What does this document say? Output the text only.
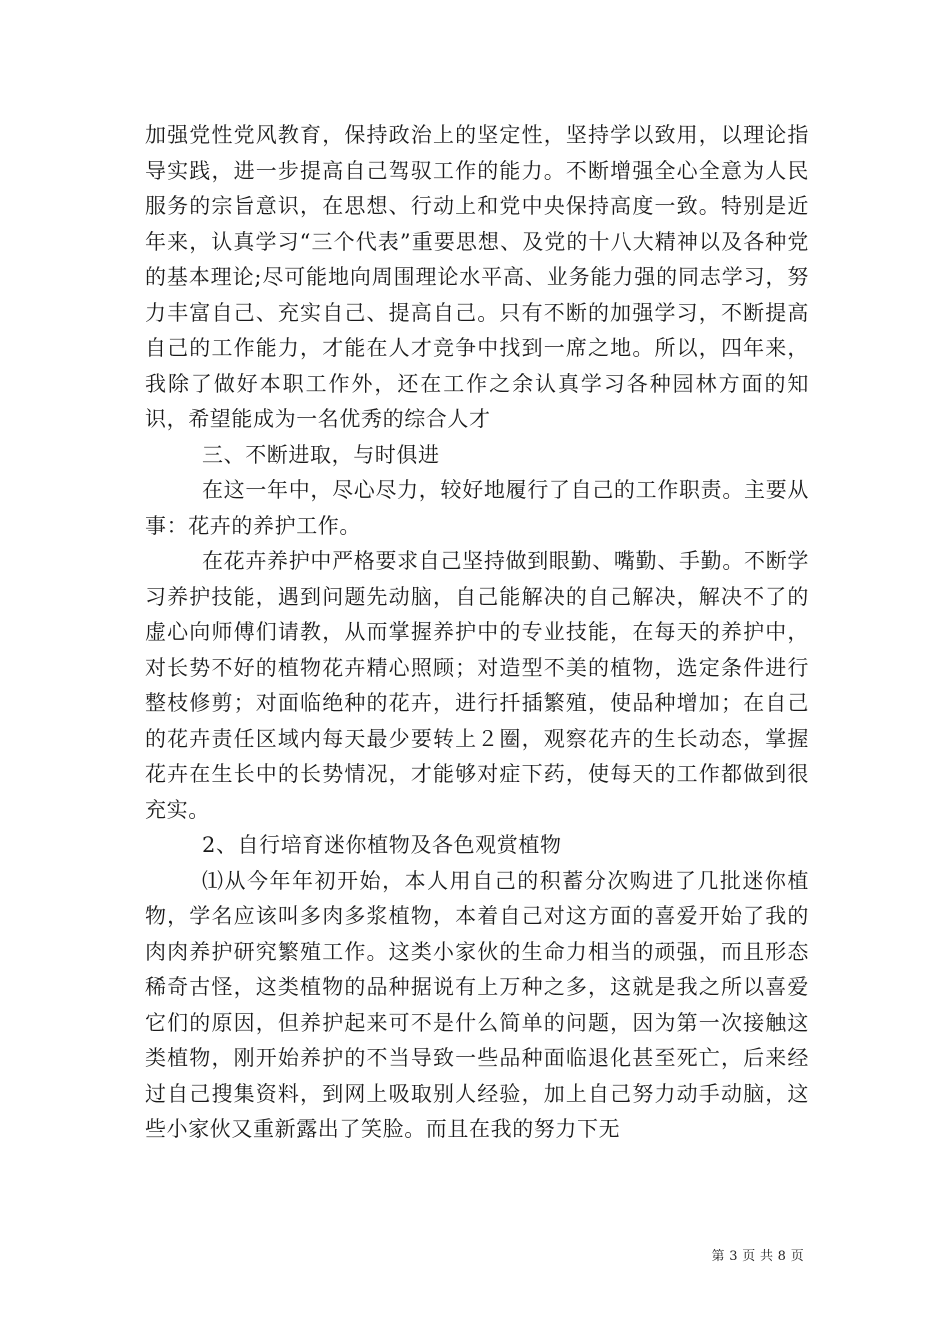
加强党性党风教育，保持政治上的坚定性，坚持学以致用，以理论指导实践，进一步提高自己驾驭工作的能力。不断增强全心全意为人民服务的宗旨意识，在思想、行动上和党中央保持高度一致。特别是近年来，认真学习“三个代表”重要思想、及党的十八大精神以及各种党的基本理论;尽可能地向周围理论水平高、业务能力强的同志学习，努力丰富自己、充实自己、提高自己。只有不断的加强学习，不断提高自己的工作能力，才能在人才竞争中找到一席之地。所以，四年来，我除了做好本职工作外，还在工作之余认真学习各种园林方面的知识，希望能成为一名优秀的综合人才

三、不断进取，与时俱进

在这一年中，尽心尽力，较好地履行了自己的工作职责。主要从事：花卉的养护工作。

在花卉养护中严格要求自己坚持做到眼勤、嘴勤、手勤。不断学习养护技能，遇到问题先动脑，自己能解决的自己解决，解决不了的虚心向师傅们请教，从而掌握养护中的专业技能，在每天的养护中，对长势不好的植物花卉精心照顾；对造型不美的植物，选定条件进行整枝修剪；对面临绝种的花卉，进行扦插繁殖，使品种增加；在自己的花卉责任区域内每天最少要转上２圈，观察花卉的生长动态，掌握花卉在生长中的长势情况，才能够对症下药，使每天的工作都做到很充实。

2、自行培育迷你植物及各色观赏植物

⑴从今年年初开始，本人用自己的积蓄分次购进了几批迷你植物，学名应该叫多肉多浆植物，本着自己对这方面的喜爱开始了我的肉肉养护研究繁殖工作。这类小家伙的生命力相当的顽强，而且形态稀奇古怪，这类植物的品种据说有上万种之多，这就是我之所以喜爱它们的原因，但养护起来可不是什么简单的问题，因为第一次接触这类植物，刚开始养护的不当导致一些品种面临退化甚至死亡，后来经过自己搜集资料，到网上吸取别人经验，加上自己努力动手动脑，这些小家伙又重新露出了笑脸。而且在我的努力下无

第 3 页 共 8 页
